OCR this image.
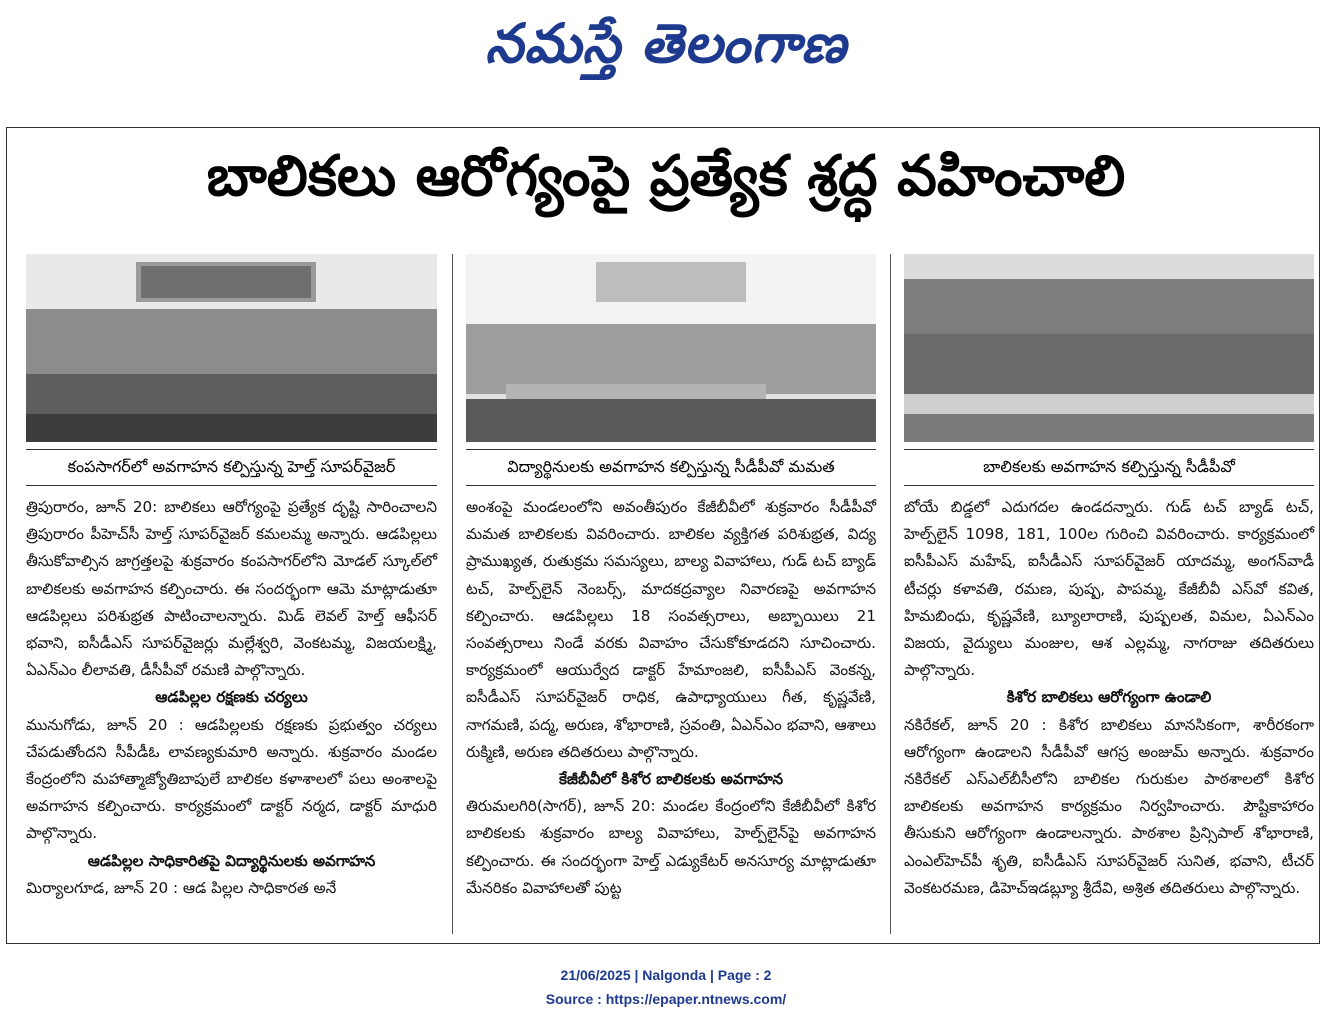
నమస్తే తెలంగాణ
బాలికలు ఆరోగ్యంపై ప్రత్యేక శ్రద్ధ వహించాలి
కంపసాగర్‌లో అవగాహన కల్పిస్తున్న హెల్త్ సూపర్‌వైజర్	విద్యార్థినులకు అవగాహన కల్పిస్తున్న సీడీపీవో మమత	బాలికలకు అవగాహన కల్పిస్తున్న సీడీపీవో

త్రిపురారం, జూన్ 20: బాలికలు ఆరోగ్యంపై ప్రత్యేక దృష్టి సారించాలని త్రిపురారం పీహెచ్‌సీ హెల్త్ సూపర్‌వైజర్ కమలమ్మ అన్నారు. ఆడపిల్లలు తీసుకోవాల్సిన జాగ్రత్తలపై శుక్రవారం కంపసాగర్‌లోని మోడల్ స్కూల్‌లో బాలికలకు అవగాహన కల్పించారు. ఈ సందర్భంగా ఆమె మాట్లాడుతూ ఆడపిల్లలు పరిశుభ్రత పాటించాలన్నారు. మిడ్ లెవల్ హెల్త్ ఆఫీసర్ భవాని, ఐసీడీఎస్ సూపర్‌వైజర్లు మల్లేశ్వరి, వెంకటమ్మ, విజయలక్ష్మి, ఏఎన్ఎం లీలావతి, డీసీపీవో రమణి పాల్గొన్నారు.

ఆడపిల్లల రక్షణకు చర్యలు

మునుగోడు, జూన్ 20 : ఆడపిల్లలకు రక్షణకు ప్రభుత్వం చర్యలు చేపడుతోందని సీపీడీఓ లావణ్యకుమారి అన్నారు. శుక్రవారం మండల కేంద్రంలోని మహాత్మాజ్యోతిబాపులే బాలికల కళాశాలలో పలు అంశాలపై అవగాహన కల్పించారు. కార్యక్రమంలో డాక్టర్ నర్మద, డాక్టర్ మాధురి పాల్గొన్నారు.

ఆడపిల్లల సాధికారితపై విద్యార్థినులకు అవగాహన

మిర్యాలగూడ, జూన్ 20 : ఆడ పిల్లల సాధికారత అనే

అంశంపై మండలంలోని అవంతీపురం కేజీబీవీలో శుక్రవారం సీడీపీవో మమత బాలికలకు వివరించారు. బాలికల వ్యక్తిగత పరిశుభ్రత, విద్య ప్రాముఖ్యత, రుతుక్రమ సమస్యలు, బాల్య వివాహాలు, గుడ్ టచ్ బ్యాడ్ టచ్, హెల్ప్‌లైన్ నెంబర్స్, మాదకద్రవ్యాల నివారణపై అవగాహన కల్పించారు. ఆడపిల్లలు 18 సంవత్సరాలు, అబ్బాయిలు 21 సంవత్సరాలు నిండే వరకు వివాహం చేసుకోకూడదని సూచించారు. కార్యక్రమంలో ఆయుర్వేద డాక్టర్ హేమాంజలి, ఐసీపీఎస్ వెంకన్న, ఐసీడీఎస్ సూపర్‌వైజర్ రాధిక, ఉపాధ్యాయులు గీత, కృష్ణవేణి, నాగమణి, పద్మ, అరుణ, శోభారాణి, స్రవంతి, ఏఎన్ఎం భవాని, ఆశాలు రుక్మిణి, అరుణ తదితరులు పాల్గొన్నారు.

కేజీబీవీలో కిశోర బాలికలకు అవగాహన

తిరుమలగిరి(సాగర్), జూన్ 20: మండల కేంద్రంలోని కేజీబీవీలో కిశోర బాలికలకు శుక్రవారం బాల్య వివాహాలు, హెల్ప్‌లైన్‌పై అవగాహన కల్పించారు. ఈ సందర్భంగా హెల్త్ ఎడ్యుకేటర్ అనసూర్య మాట్లాడుతూ మేనరికం వివాహాలతో పుట్ట

బోయే బిడ్డలో ఎదుగదల ఉండదన్నారు. గుడ్ టచ్ బ్యాడ్ టచ్, హెల్ప్‌లైన్ 1098, 181, 100ల గురించి వివరించారు. కార్యక్రమంలో ఐసీపీఎస్ మహేష్, ఐసీడీఎస్ సూపర్‌వైజర్ యాదమ్మ, అంగన్‌వాడీ టీచర్లు కళావతి, రమణ, పుష్ప, పాపమ్మ, కేజీబీవీ ఎస్‌వో కవిత, హిమబింధు, కృష్ణవేణి, బ్యూలారాణి, పుష్పలత, విమల, ఏఎన్ఎం విజయ, వైద్యులు మంజుల, ఆశ ఎల్లమ్మ, నాగరాజు తదితరులు పాల్గొన్నారు.

కిశోర బాలికలు ఆరోగ్యంగా ఉండాలి

నకిరేకల్, జూన్ 20 : కిశోర బాలికలు మానసికంగా, శారీరకంగా ఆరోగ్యంగా ఉండాలని సీడీపీవో ఆగస్ర అంజుమ్ అన్నారు. శుక్రవారం నకిరేకల్ ఎస్ఎల్‌బీసీలోని బాలికల గురుకుల పాఠశాలలో కిశోర బాలికలకు అవగాహన కార్యక్రమం నిర్వహించారు. పౌష్టికాహారం తీసుకుని ఆరోగ్యంగా ఉండాలన్నారు. పాఠశాల ప్రిన్సిపాల్ శోభారాణి, ఎంఎల్‌హెచ్‌పీ శృతి, ఐసీడీఎస్ సూపర్‌వైజర్ సునిత, భవాని, టీచర్ వెంకటరమణ, డిహెచ్ఇడబ్ల్యూ శ్రీదేవి, అశ్రిత తదితరులు పాల్గొన్నారు.

21/06/2025 | Nalgonda | Page : 2
Source : https://epaper.ntnews.com/
